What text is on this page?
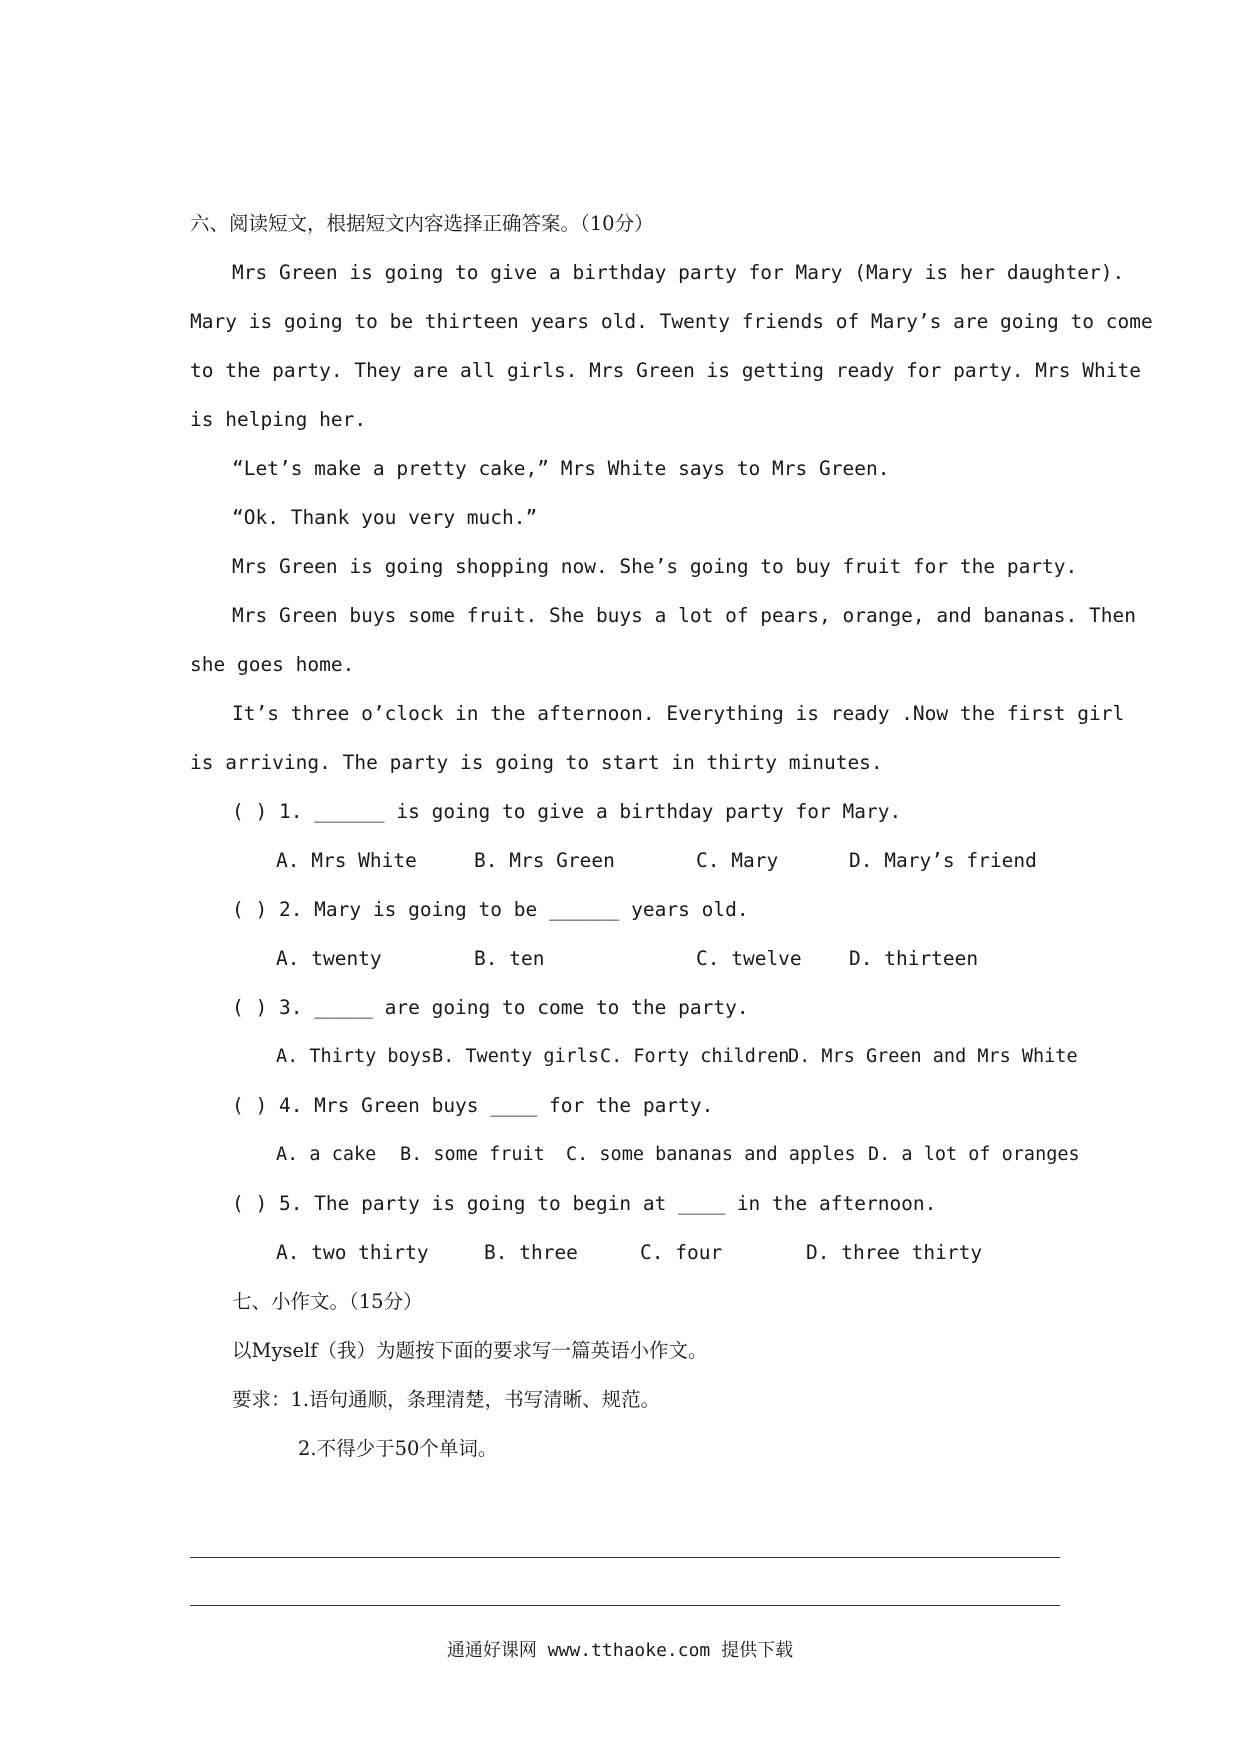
六、阅读短文，根据短文内容选择正确答案。（10分）
Mrs Green is going to give a birthday party for Mary (Mary is her daughter).
Mary is going to be thirteen years old. Twenty friends of Mary’s are going to come
to the party. They are all girls. Mrs Green is getting ready for party. Mrs White
is helping her.
“Let’s make a pretty cake,” Mrs White says to Mrs Green.
“Ok. Thank you very much.”
Mrs Green is going shopping now. She’s going to buy fruit for the party.
Mrs Green buys some fruit. She buys a lot of pears, orange, and bananas. Then
she goes home.
It’s three o’clock in the afternoon. Everything is ready .Now the first girl
is arriving. The party is going to start in thirty minutes.
( ) 1. ______ is going to give a birthday party for Mary.
A. Mrs White	B. Mrs Green	C. Mary	D. Mary’s friend
( ) 2. Mary is going to be ______ years old.
A. twenty	B. ten	C. twelve D. thirteen
( ) 3. _____ are going to come to the party.
A. Thirty boys B. Twenty girls C. Forty children
D. Mrs Green and Mrs White
( ) 4. Mrs Green buys ____ for the party.
A. a cake B. some fruit C. some bananas and apples D. a lot of oranges
( ) 5. The party is going to begin at ____ in the afternoon.
A. two thirty	B. three	C. four	D. three thirty
七、小作文。（15分）
以Myself（我）为题按下面的要求写一篇英语小作文。
要求：1.语句通顺，条理清楚，书写清晰、规范。
2.不得少于50个单词。
通通好课网 www.tthaoke.com 提供下载
